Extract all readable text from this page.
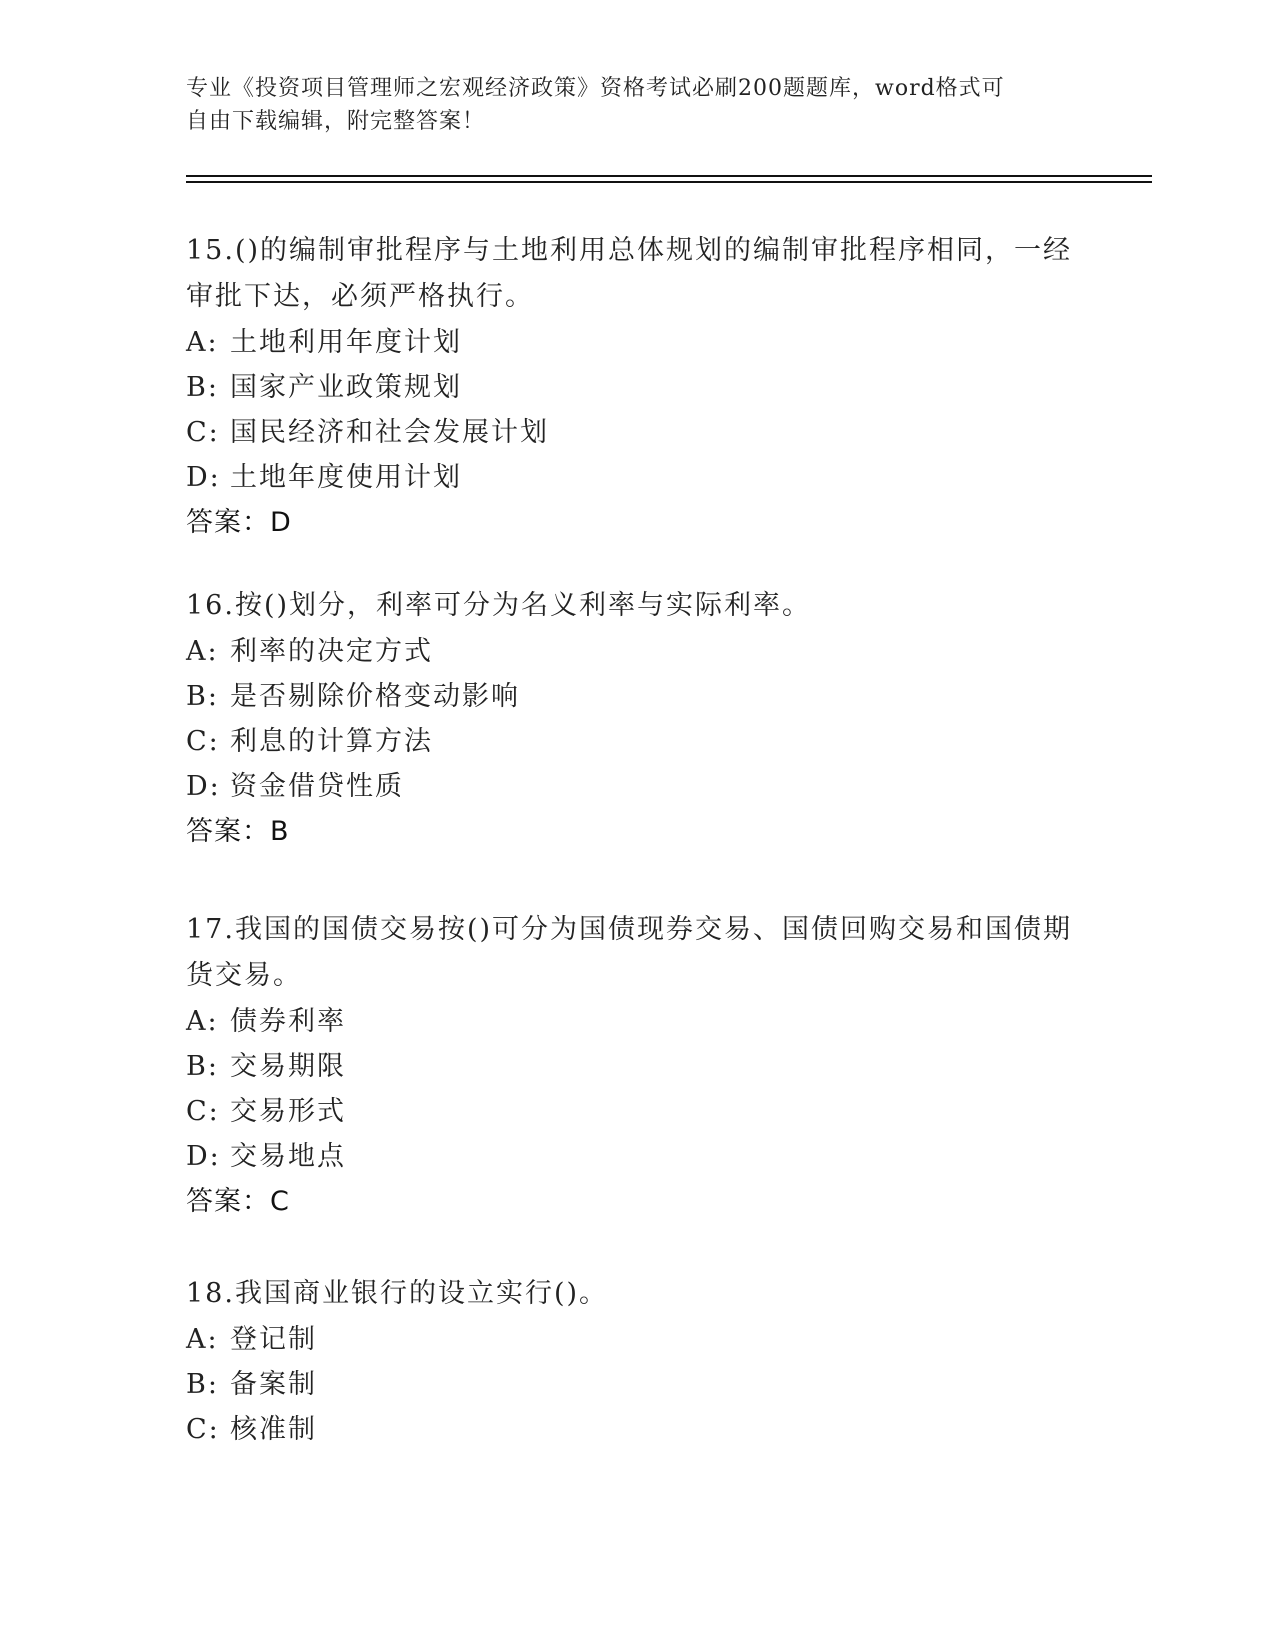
专业《投资项目管理师之宏观经济政策》资格考试必刷200题题库，word格式可
自由下载编辑，附完整答案！

15.()的编制审批程序与土地利用总体规划的编制审批程序相同，一经审批下达，必须严格执行。

A: 土地利用年度计划

B: 国家产业政策规划

C: 国民经济和社会发展计划

D: 土地年度使用计划

答案：D

16.按()划分，利率可分为名义利率与实际利率。

A: 利率的决定方式

B: 是否剔除价格变动影响

C: 利息的计算方法

D: 资金借贷性质

答案：B

17.我国的国债交易按()可分为国债现券交易、国债回购交易和国债期货交易。

A: 债券利率

B: 交易期限

C: 交易形式

D: 交易地点

答案：C

18.我国商业银行的设立实行()。

A: 登记制

B: 备案制

C: 核准制
